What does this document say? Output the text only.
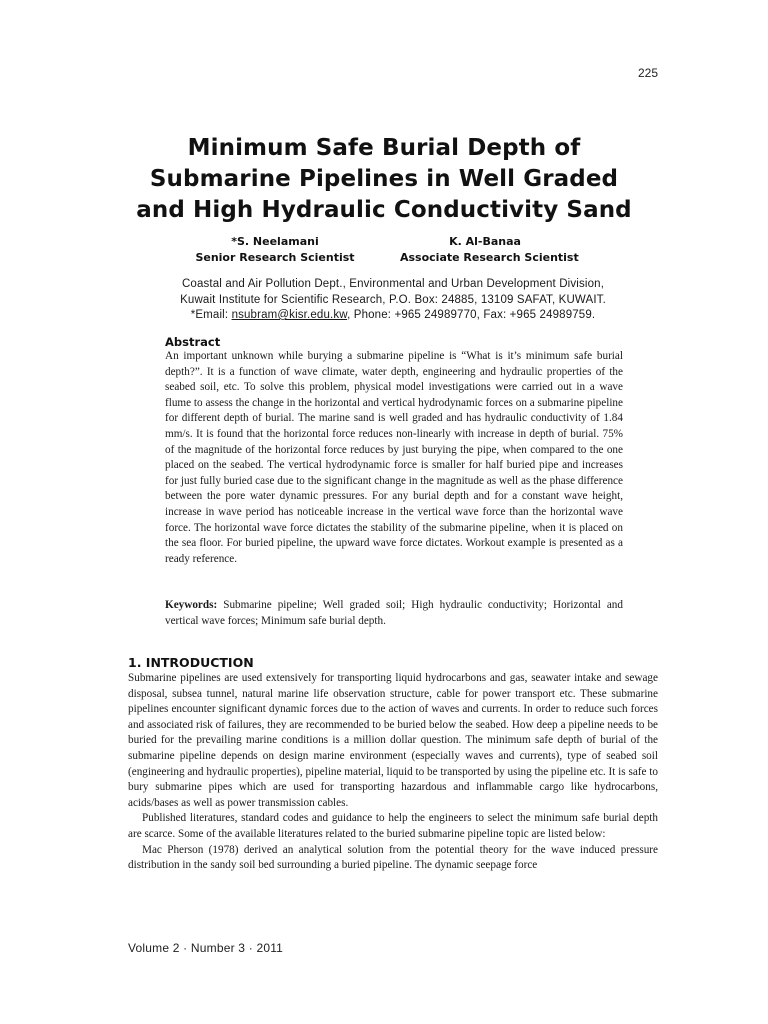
225
Minimum Safe Burial Depth of
Submarine Pipelines in Well Graded
and High Hydraulic Conductivity Sand
*S. Neelamani
Senior Research Scientist
K. Al-Banaa
Associate Research Scientist
Coastal and Air Pollution Dept., Environmental and Urban Development Division,
Kuwait Institute for Scientific Research, P.O. Box: 24885, 13109 SAFAT, KUWAIT.
*Email: nsubram@kisr.edu.kw, Phone: +965 24989770, Fax: +965 24989759.
Abstract

An important unknown while burying a submarine pipeline is “What is it’s minimum safe burial depth?”. It is a function of wave climate, water depth, engineering and hydraulic properties of the seabed soil, etc. To solve this problem, physical model investigations were carried out in a wave flume to assess the change in the horizontal and vertical hydrodynamic forces on a submarine pipeline for different depth of burial. The marine sand is well graded and has hydraulic conductivity of 1.84 mm/s. It is found that the horizontal force reduces non-linearly with increase in depth of burial. 75% of the magnitude of the horizontal force reduces by just burying the pipe, when compared to the one placed on the seabed. The vertical hydrodynamic force is smaller for half buried pipe and increases for just fully buried case due to the significant change in the magnitude as well as the phase difference between the pore water dynamic pressures. For any burial depth and for a constant wave height, increase in wave period has noticeable increase in the vertical wave force than the horizontal wave force. The horizontal wave force dictates the stability of the submarine pipeline, when it is placed on the sea floor. For buried pipeline, the upward wave force dictates. Workout example is presented as a ready reference.

Keywords: Submarine pipeline; Well graded soil; High hydraulic conductivity; Horizontal and vertical wave forces; Minimum safe burial depth.

1. INTRODUCTION

Submarine pipelines are used extensively for transporting liquid hydrocarbons and gas, seawater intake and sewage disposal, subsea tunnel, natural marine life observation structure, cable for power transport etc. These submarine pipelines encounter significant dynamic forces due to the action of waves and currents. In order to reduce such forces and associated risk of failures, they are recommended to be buried below the seabed. How deep a pipeline needs to be buried for the prevailing marine conditions is a million dollar question. The minimum safe depth of burial of the submarine pipeline depends on design marine environment (especially waves and currents), type of seabed soil (engineering and hydraulic properties), pipeline material, liquid to be transported by using the pipeline etc. It is safe to bury submarine pipes which are used for transporting hazardous and inflammable cargo like hydrocarbons, acids/bases as well as power transmission cables.

Published literatures, standard codes and guidance to help the engineers to select the minimum safe burial depth are scarce. Some of the available literatures related to the buried submarine pipeline topic are listed below:

Mac Pherson (1978) derived an analytical solution from the potential theory for the wave induced pressure distribution in the sandy soil bed surrounding a buried pipeline. The dynamic seepage force

Volume 2 · Number 3 · 2011
